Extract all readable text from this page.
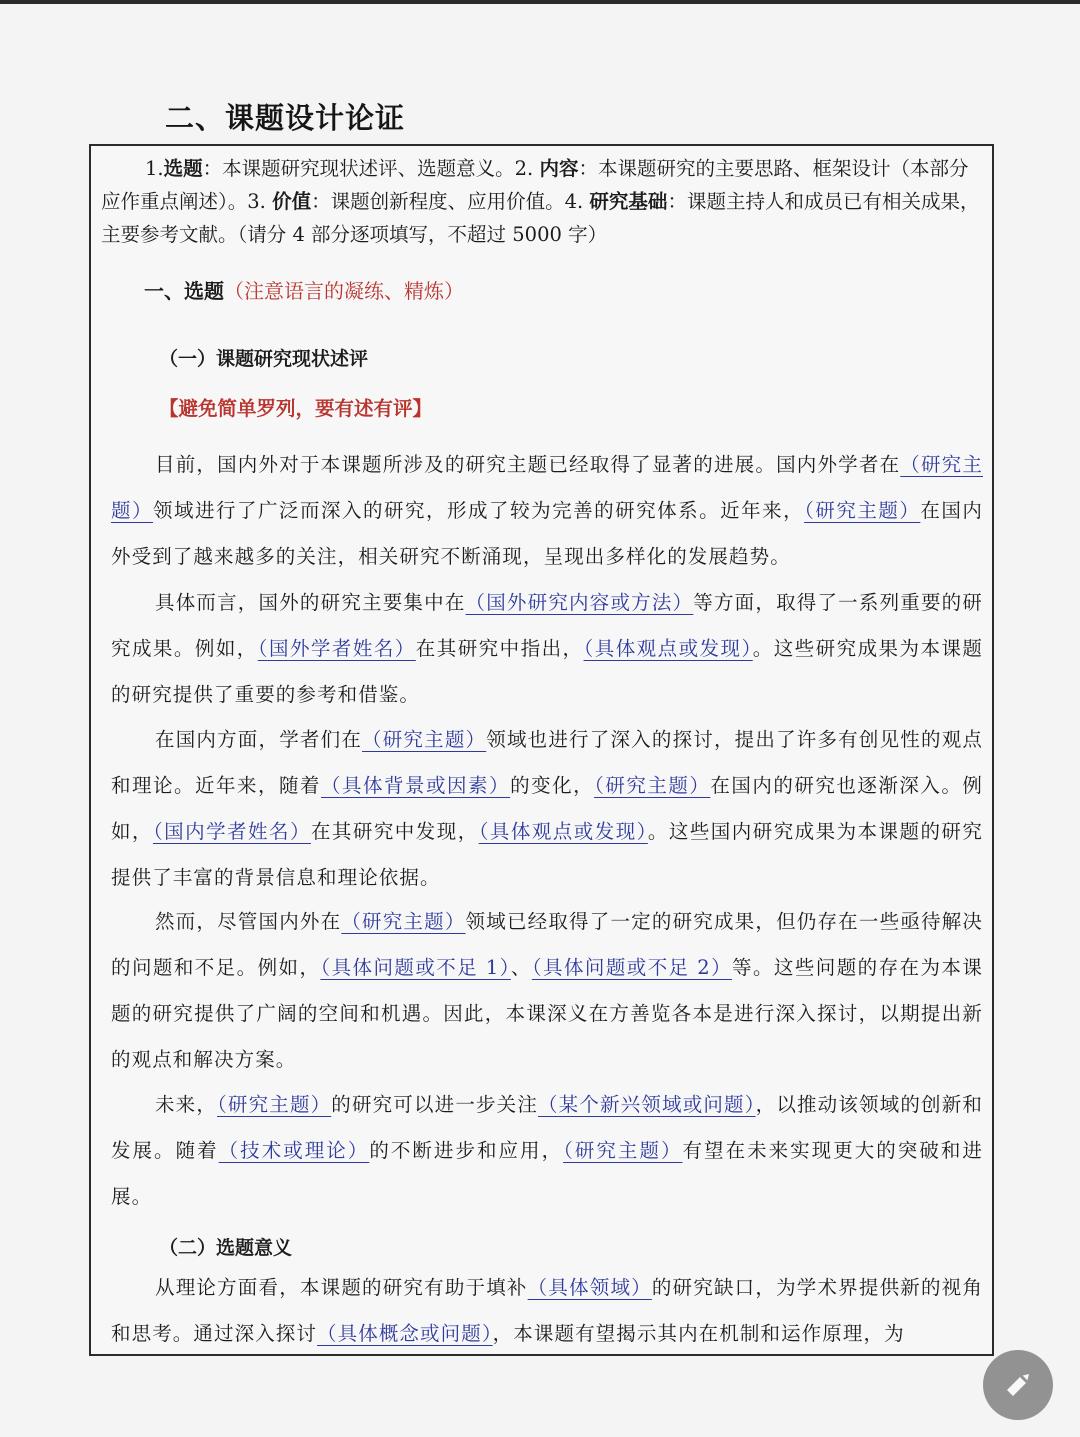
二、课题设计论证

1.选题：本课题研究现状述评、选题意义。2. 内容：本课题研究的主要思路、框架设计（本部分应作重点阐述）。3. 价值：课题创新程度、应用价值。4. 研究基础：课题主持人和成员已有相关成果，主要参考文献。（请分 4 部分逐项填写，不超过 5000 字）

一、选题（注意语言的凝练、精炼）

（一）课题研究现状述评

【避免简单罗列，要有述有评】

目前，国内外对于本课题所涉及的研究主题已经取得了显著的进展。国内外学者在（研究主题）领域进行了广泛而深入的研究，形成了较为完善的研究体系。近年来，（研究主题）在国内外受到了越来越多的关注，相关研究不断涌现，呈现出多样化的发展趋势。

具体而言，国外的研究主要集中在（国外研究内容或方法）等方面，取得了一系列重要的研究成果。例如，（国外学者姓名）在其研究中指出，（具体观点或发现）。这些研究成果为本课题的研究提供了重要的参考和借鉴。

在国内方面，学者们在（研究主题）领域也进行了深入的探讨，提出了许多有创见性的观点和理论。近年来，随着（具体背景或因素）的变化，（研究主题）在国内的研究也逐渐深入。例如，（国内学者姓名）在其研究中发现，（具体观点或发现）。这些国内研究成果为本课题的研究提供了丰富的背景信息和理论依据。

然而，尽管国内外在（研究主题）领域已经取得了一定的研究成果，但仍存在一些亟待解决的问题和不足。例如，（具体问题或不足 1）、（具体问题或不足 2）等。这些问题的存在为本课题的研究提供了广阔的空间和机遇。因此，本课深义在方善览各本是进行深入探讨，以期提出新的观点和解决方案。

未来，（研究主题）的研究可以进一步关注（某个新兴领域或问题），以推动该领域的创新和发展。随着（技术或理论）的不断进步和应用，（研究主题）有望在未来实现更大的突破和进展。

（二）选题意义

从理论方面看，本课题的研究有助于填补（具体领域）的研究缺口，为学术界提供新的视角和思考。通过深入探讨（具体概念或问题），本课题有望揭示其内在机制和运作原理，为
